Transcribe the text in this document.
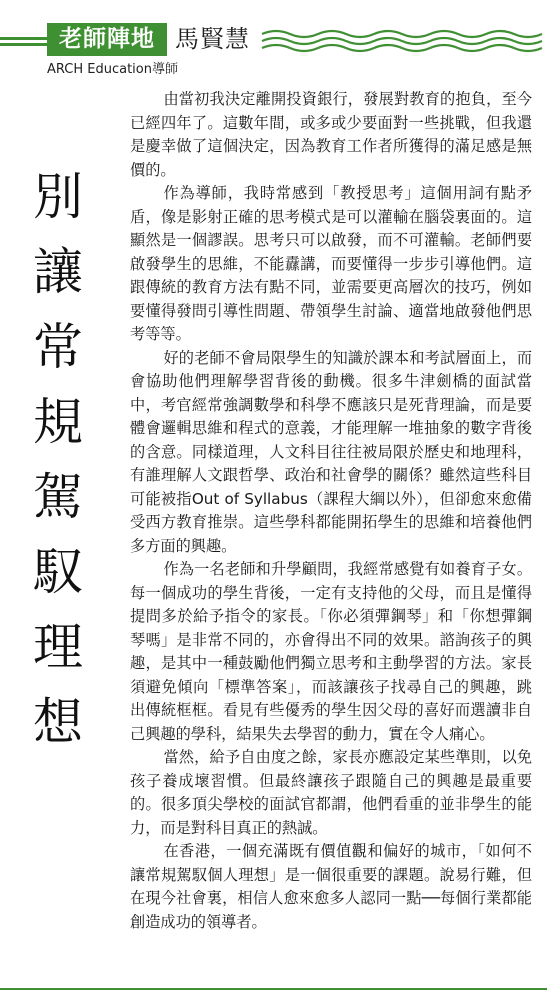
老師陣地 馬賢慧
ARCH Education導師
別
讓
常
規
駕
馭
理
想

由當初我決定離開投資銀行，發展對教育的抱負，至今已經四年了。這數年間，或多或少要面對一些挑戰，但我還是慶幸做了這個決定，因為教育工作者所獲得的滿足感是無價的。

作為導師，我時常感到「教授思考」這個用詞有點矛盾，像是影射正確的思考模式是可以灌輸在腦袋裏面的。這顯然是一個謬誤。思考只可以啟發，而不可灌輸。老師們要啟發學生的思維，不能纛講，而要懂得一步步引導他們。這跟傳統的教育方法有點不同，並需要更高層次的技巧，例如要懂得發問引導性問題、帶領學生討論、適當地啟發他們思考等等。

好的老師不會局限學生的知識於課本和考試層面上，而會協助他們理解學習背後的動機。很多牛津劍橋的面試當中，考官經常強調數學和科學不應該只是死背理論，而是要體會邏輯思維和程式的意義，才能理解一堆抽象的數字背後的含意。同樣道理，人文科目往往被局限於歷史和地理科，有誰理解人文跟哲學、政治和社會學的關係？雖然這些科目可能被指Out of Syllabus（課程大綱以外），但卻愈來愈備受西方教育推崇。這些學科都能開拓學生的思維和培養他們多方面的興趣。

作為一名老師和升學顧問，我經常感覺有如養育子女。每一個成功的學生背後，一定有支持他的父母，而且是懂得提問多於給予指令的家長。「你必須彈鋼琴」和「你想彈鋼琴嗎」是非常不同的，亦會得出不同的效果。諮詢孩子的興趣，是其中一種鼓勵他們獨立思考和主動學習的方法。家長須避免傾向「標準答案」，而該讓孩子找尋自己的興趣，跳出傳統框框。看見有些優秀的學生因父母的喜好而選讀非自己興趣的學科，結果失去學習的動力，實在令人痛心。

當然，給予自由度之餘，家長亦應設定某些準則，以免孩子養成壞習慣。但最終讓孩子跟隨自己的興趣是最重要的。很多頂尖學校的面試官都謂，他們看重的並非學生的能力，而是對科目真正的熱誠。

在香港，一個充滿既有價值觀和偏好的城市，「如何不讓常規駕馭個人理想」是一個很重要的課題。說易行難，但在現今社會裏，相信人愈來愈多人認同一點──每個行業都能創造成功的領導者。
